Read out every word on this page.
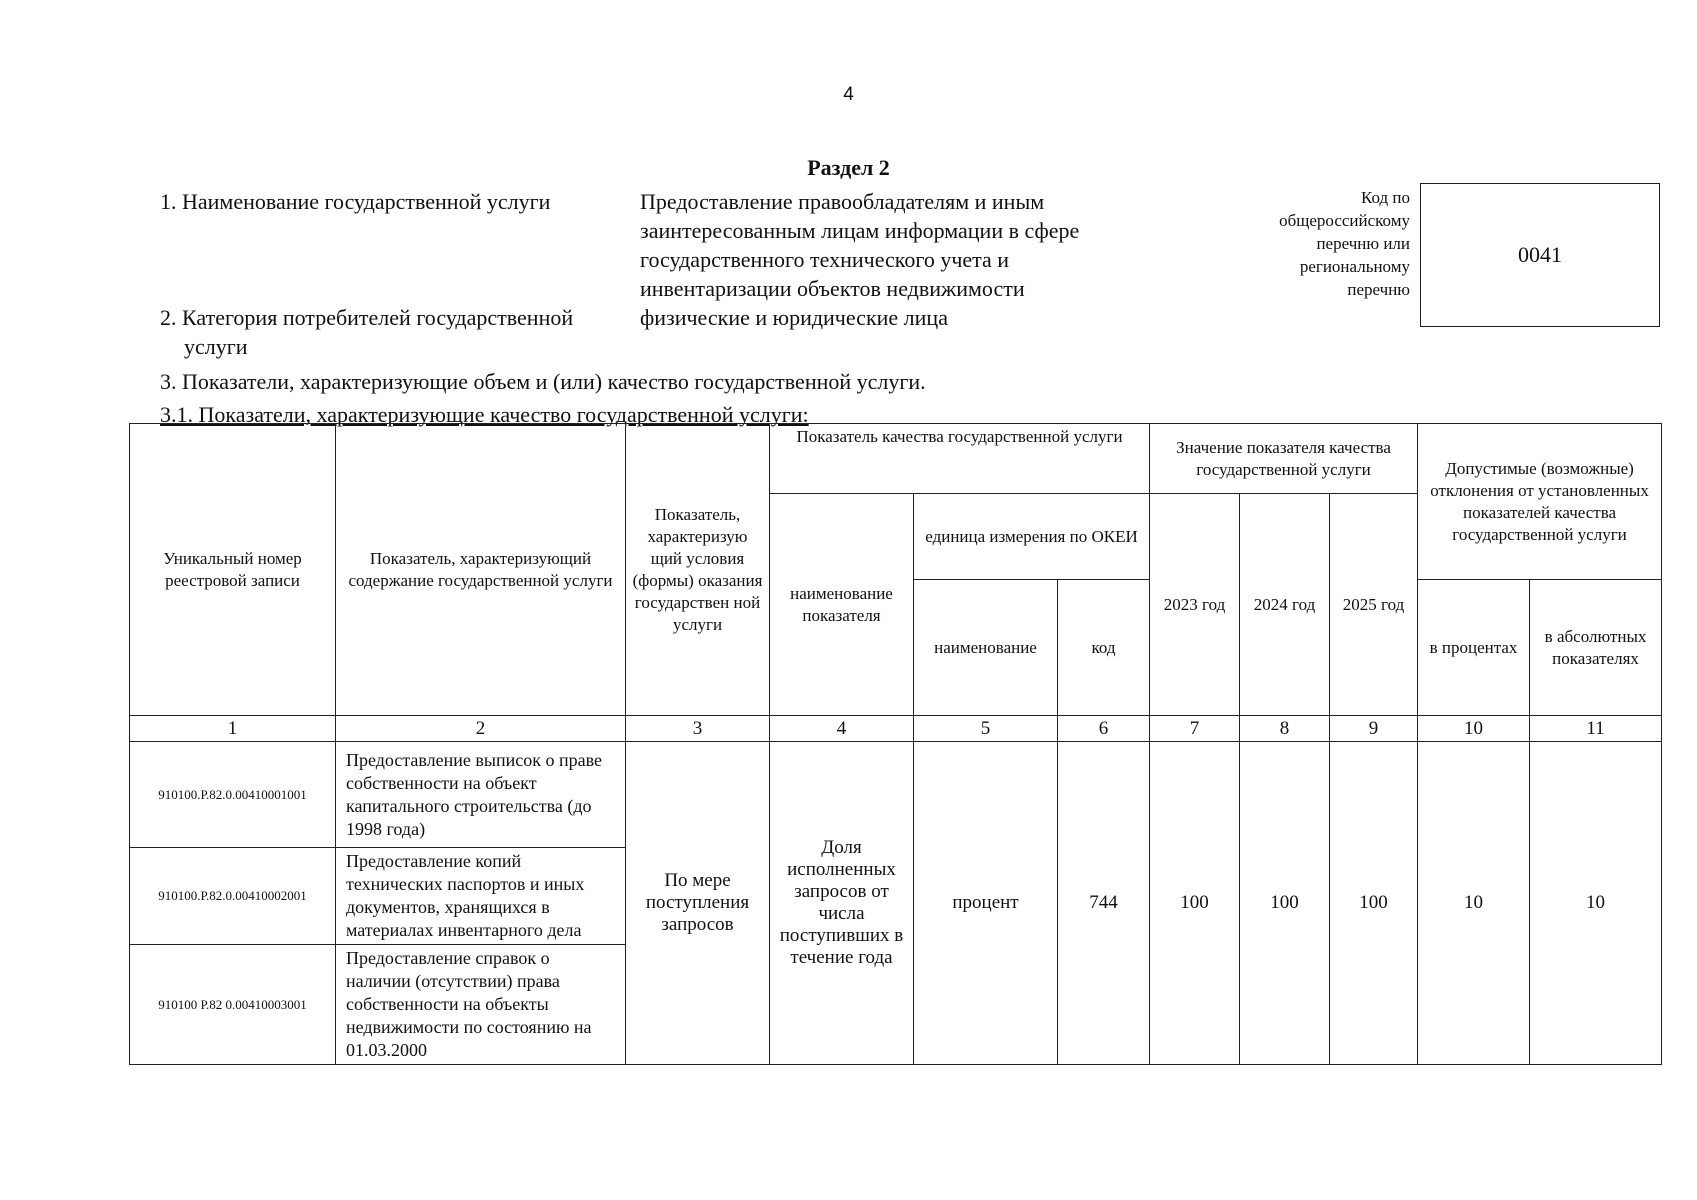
4
Раздел 2
1. Наименование государственной услуги	Предоставление правообладателям и иным
заинтересованным лицам информации в сфере
государственного технического учета и
инвентаризации объектов недвижимости
Код по
общероссийскому
перечню или
региональному
перечню
0041
2. Категория потребителей государственной
услуги
физические и юридические лица
3. Показатели, характеризующие объем и (или) качество государственной услуги.
3.1. Показатели, характеризующие качество государственной услуги:
Уникальный номер реестровой записи	Показатель, характеризующий содержание государственной услуги	Показатель, характеризую щий условия (формы) оказания государствен ной услуги	Показатель качества государственной услуги			Значение показателя качества государственной услуги			Допустимые (возможные) отклонения от установленных показателей качества государственной услуги	
			наименование показателя	единица измерения по ОКЕИ		2023 год	2024 год	2025 год		
				наименование	код				в процентах	в абсолютных показателях
1	2	3	4	5	6	7	8	9	10	11
910100.Р.82.0.00410001001	Предоставление выписок о праве собственности на объект капитального строительства (до 1998 года)	По мере поступления запросов	Доля исполненных запросов от числа поступивших в течение года	процент	744	100	100	100	10	10
910100.Р.82.0.00410002001	Предоставление копий технических паспортов и иных документов, хранящихся в материалах инвентарного дела									
910100 Р.82 0.00410003001	Предоставление справок о наличии (отсутствии) права собственности на объекты недвижимости по состоянию на 01.03.2000									
